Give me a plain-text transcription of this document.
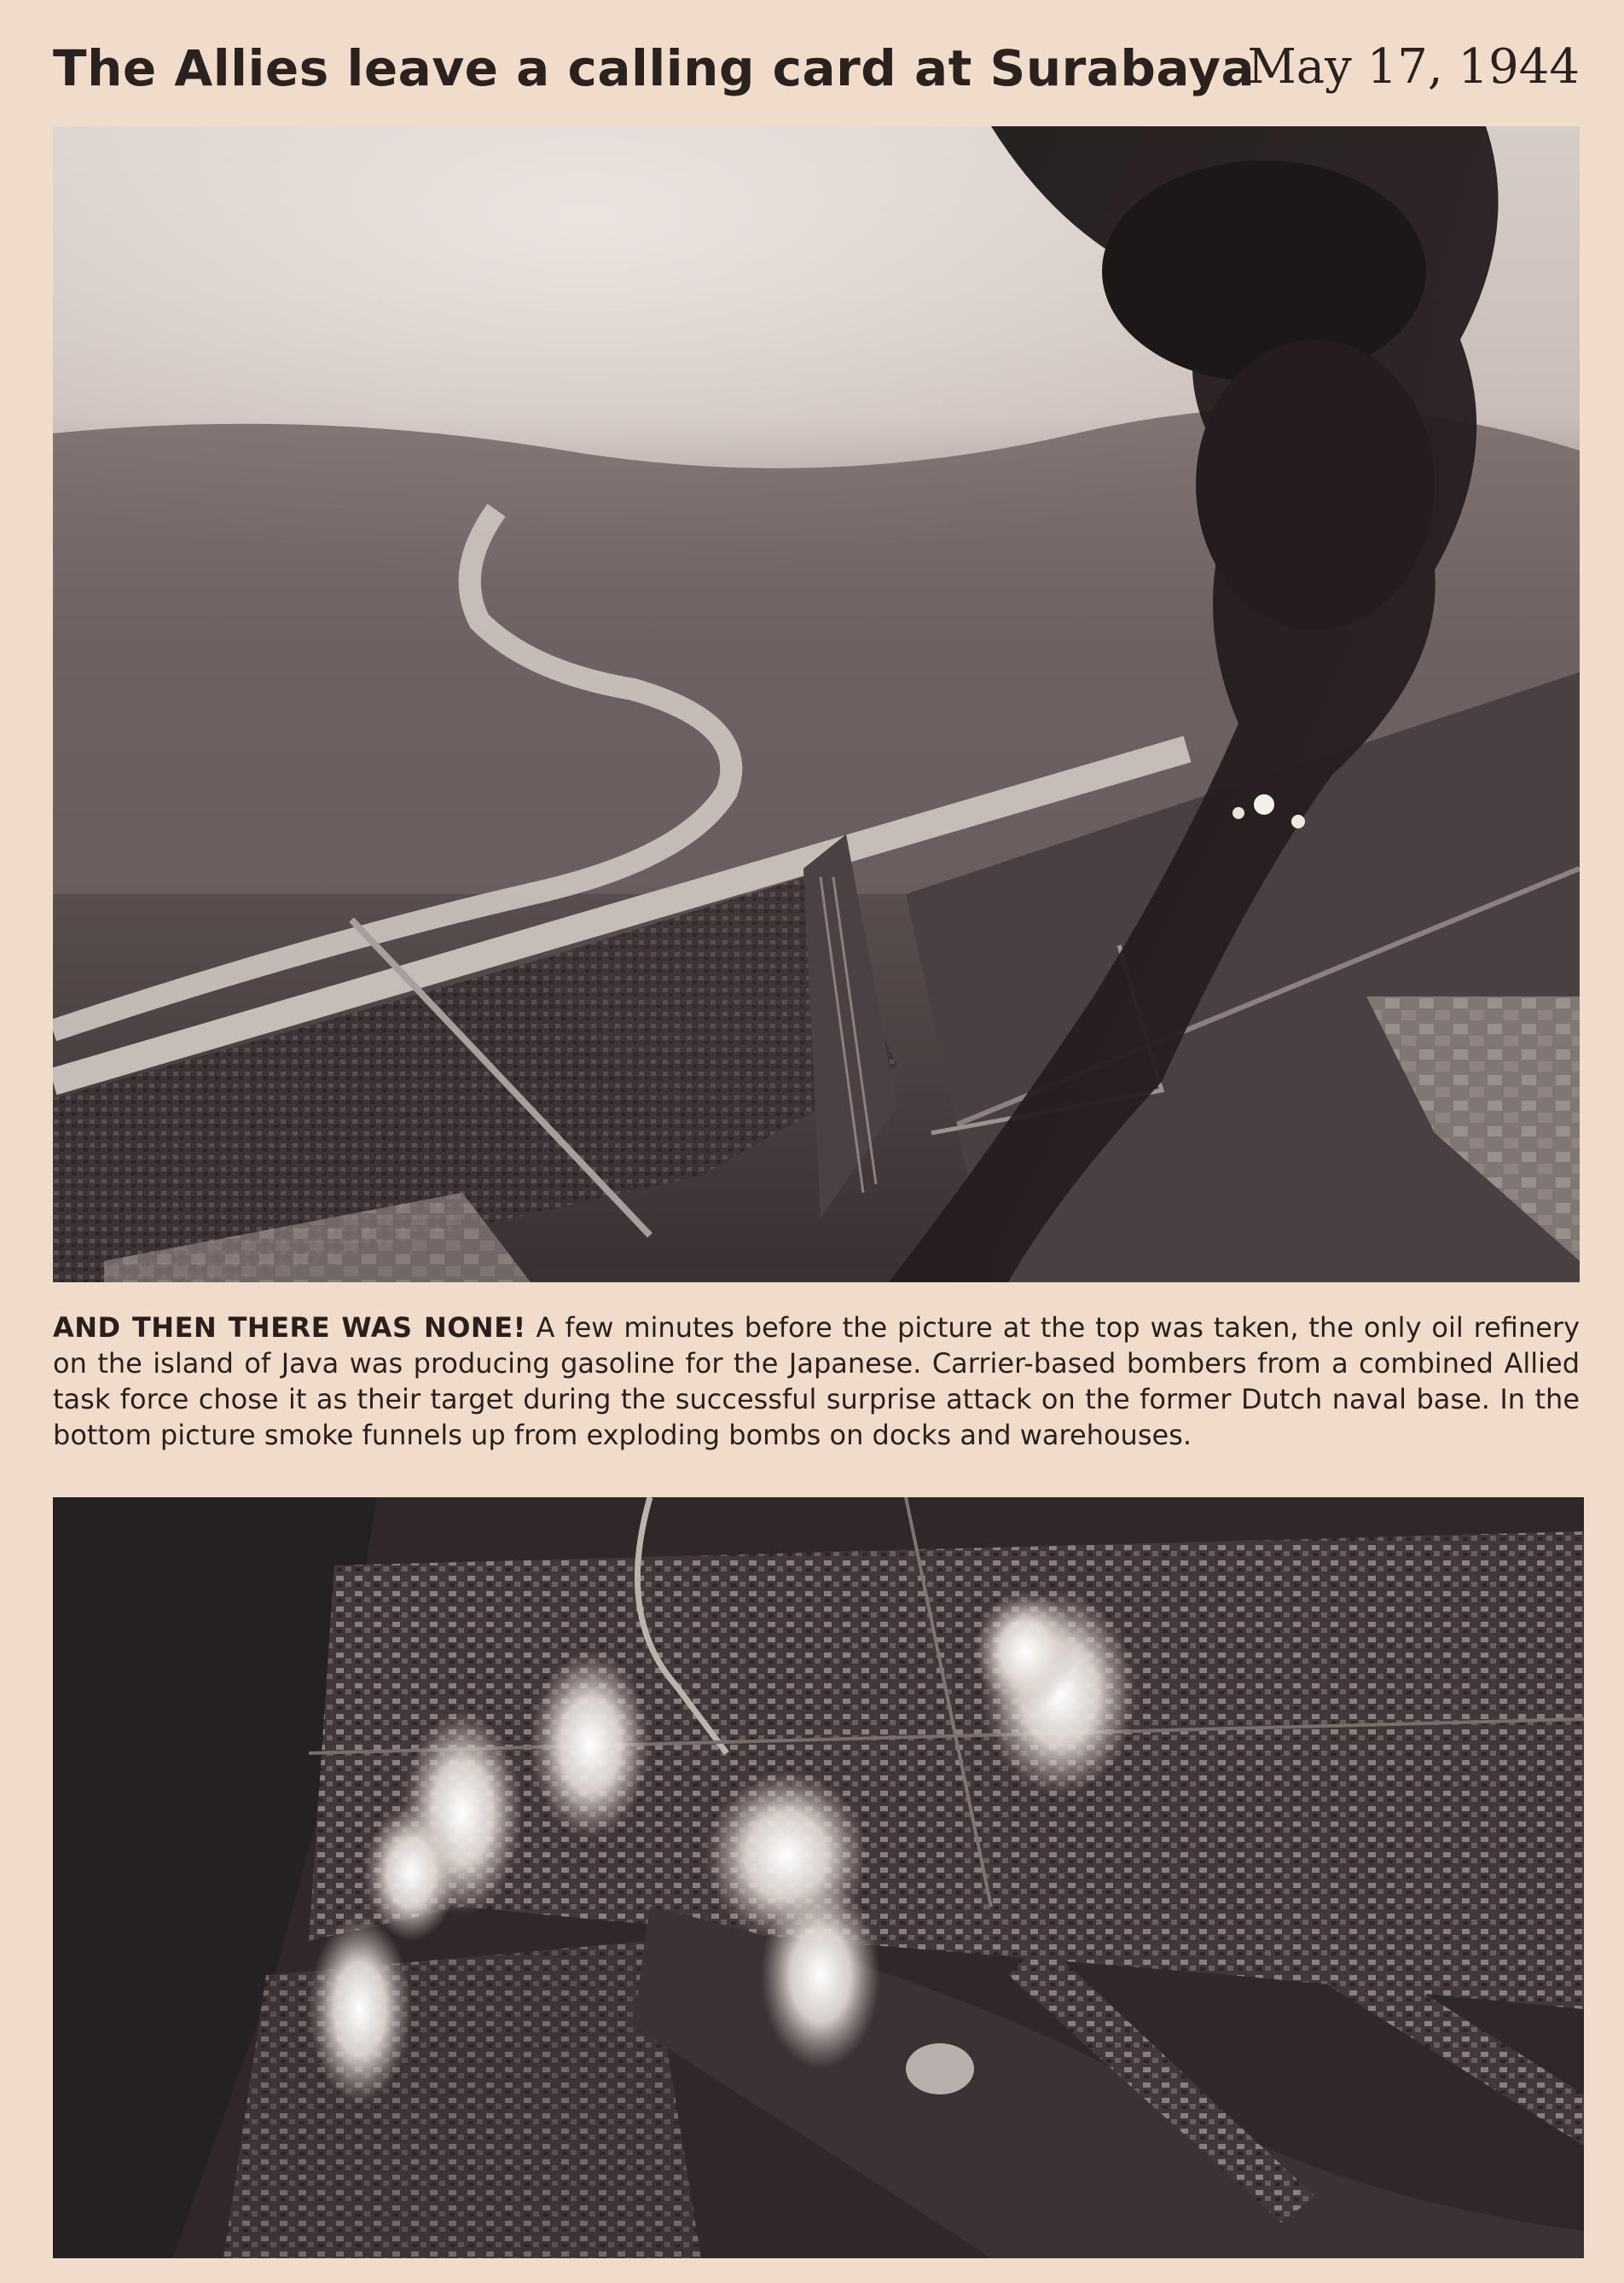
The Allies leave a calling card at Surabaya
May 17, 1944
AND THEN THERE WAS NONE! A few minutes before the picture at the top was taken, the only oil refinery on the island of Java was producing gasoline for the Japanese. Carrier-based bombers from a combined Allied task force chose it as their target during the successful surprise attack on the former Dutch naval base. In the bottom picture smoke funnels up from exploding bombs on docks and warehouses.
